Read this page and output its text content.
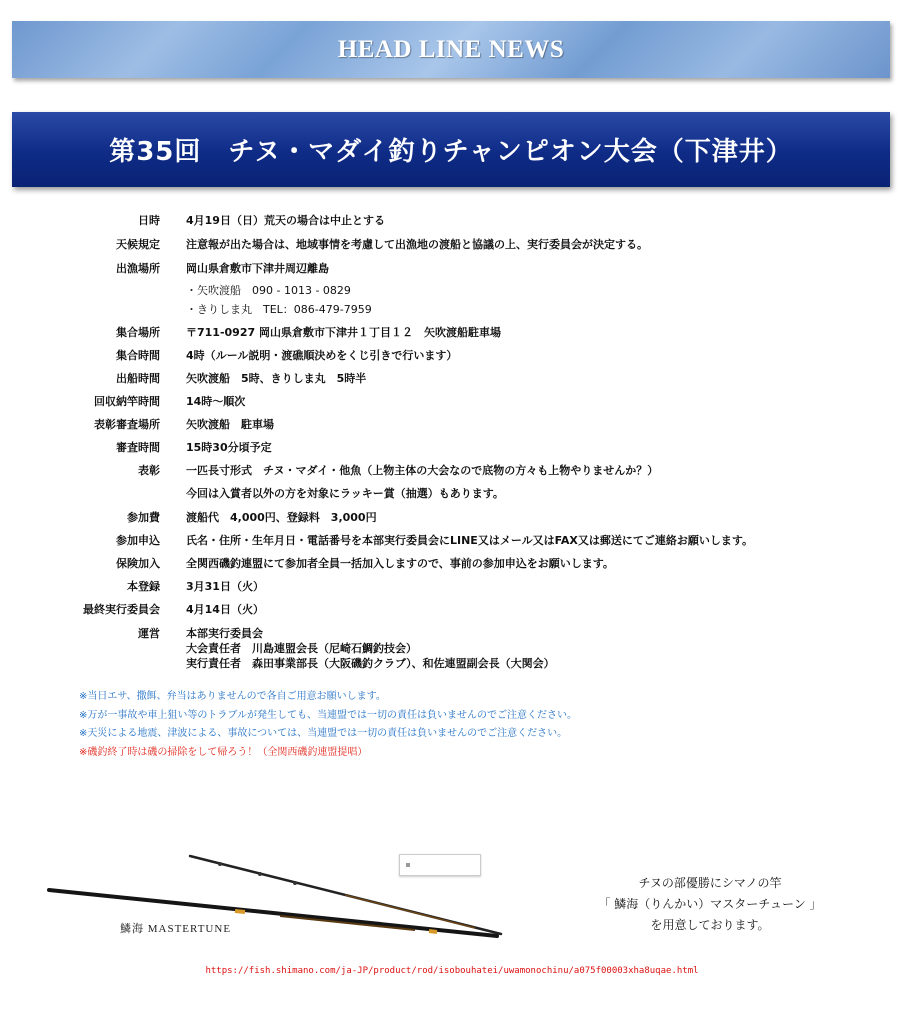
HEAD LINE NEWS
第35回　チヌ・マダイ釣りチャンピオン大会（下津井）
日時 4月19日（日）荒天の場合は中止とする
天候規定 注意報が出た場合は、地域事情を考慮して出漁地の渡船と協議の上、実行委員会が決定する。
出漁場所 岡山県倉敷市下津井周辺離島
・矢吹渡船　090 - 1013 - 0829
・きりしま丸　TEL：086-479-7959
集合場所 〒711-0927 岡山県倉敷市下津井１丁目１２　矢吹渡船駐車場
集合時間 4時（ルール説明・渡礁順決めをくじ引きで行います）
出船時間 矢吹渡船　5時、きりしま丸　5時半
回収納竿時間 14時～順次
表彰審査場所 矢吹渡船　駐車場
審査時間 15時30分頃予定
表彰 一匹長寸形式　チヌ・マダイ・他魚（上物主体の大会なので底物の方々も上物やりませんか？）
今回は入賞者以外の方を対象にラッキー賞（抽選）もあります。
参加費 渡船代　4,000円、登録料　3,000円
参加申込 氏名・住所・生年月日・電話番号を本部実行委員会にLINE又はメール又はFAX又は郵送にてご連絡お願いします。
保険加入 全関西磯釣連盟にて参加者全員一括加入しますので、事前の参加申込をお願いします。
本登録 3月31日（火）
最終実行委員会 4月14日（火）
運営 本部実行委員会
大会責任者　川島連盟会長（尼崎石鯛釣技会）
実行責任者　森田事業部長（大阪磯釣クラブ）、和佐連盟副会長（大関会）
※当日エサ、撒餌、弁当はありませんので各自ご用意お願いします。
※万が一事故や車上狙い等のトラブルが発生しても、当連盟では一切の責任は負いませんのでご注意ください。
※天災による地震、津波による、事故については、当連盟では一切の責任は負いませんのでご注意ください。
※磯釣終了時は磯の掃除をして帰ろう！（全関西磯釣連盟提唱）
鱗海 MASTERTUNE
チヌの部優勝にシマノの竿
「 鱗海（りんかい）マスターチューン 」
を用意しております。
https://fish.shimano.com/ja-JP/product/rod/isobouhatei/uwamonochinu/a075f00003xha8uqae.html
